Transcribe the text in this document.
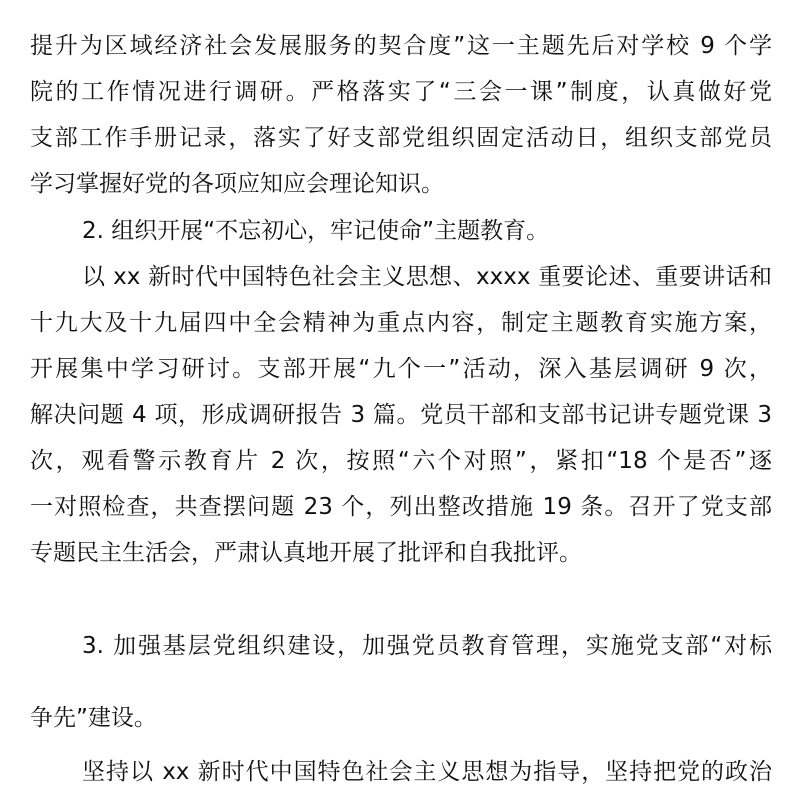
提升为区域经济社会发展服务的契合度”这一主题先后对学校 9 个学
院的工作情况进行调研。严格落实了“三会一课”制度，认真做好党
支部工作手册记录，落实了好支部党组织固定活动日，组织支部党员
学习掌握好党的各项应知应会理论知识。
2. 组织开展“不忘初心，牢记使命”主题教育。
以 xx 新时代中国特色社会主义思想、xxxx 重要论述、重要讲话和
十九大及十九届四中全会精神为重点内容，制定主题教育实施方案，
开展集中学习研讨。支部开展“九个一”活动，深入基层调研 9 次，
解决问题 4 项，形成调研报告 3 篇。党员干部和支部书记讲专题党课 3
次，观看警示教育片 2 次，按照“六个对照”，紧扣“18 个是否”逐
一对照检查，共查摆问题 23 个，列出整改措施 19 条。召开了党支部
专题民主生活会，严肃认真地开展了批评和自我批评。
3. 加强基层党组织建设，加强党员教育管理，实施党支部“对标
争先”建设。
坚持以 xx 新时代中国特色社会主义思想为指导，坚持把党的政治
